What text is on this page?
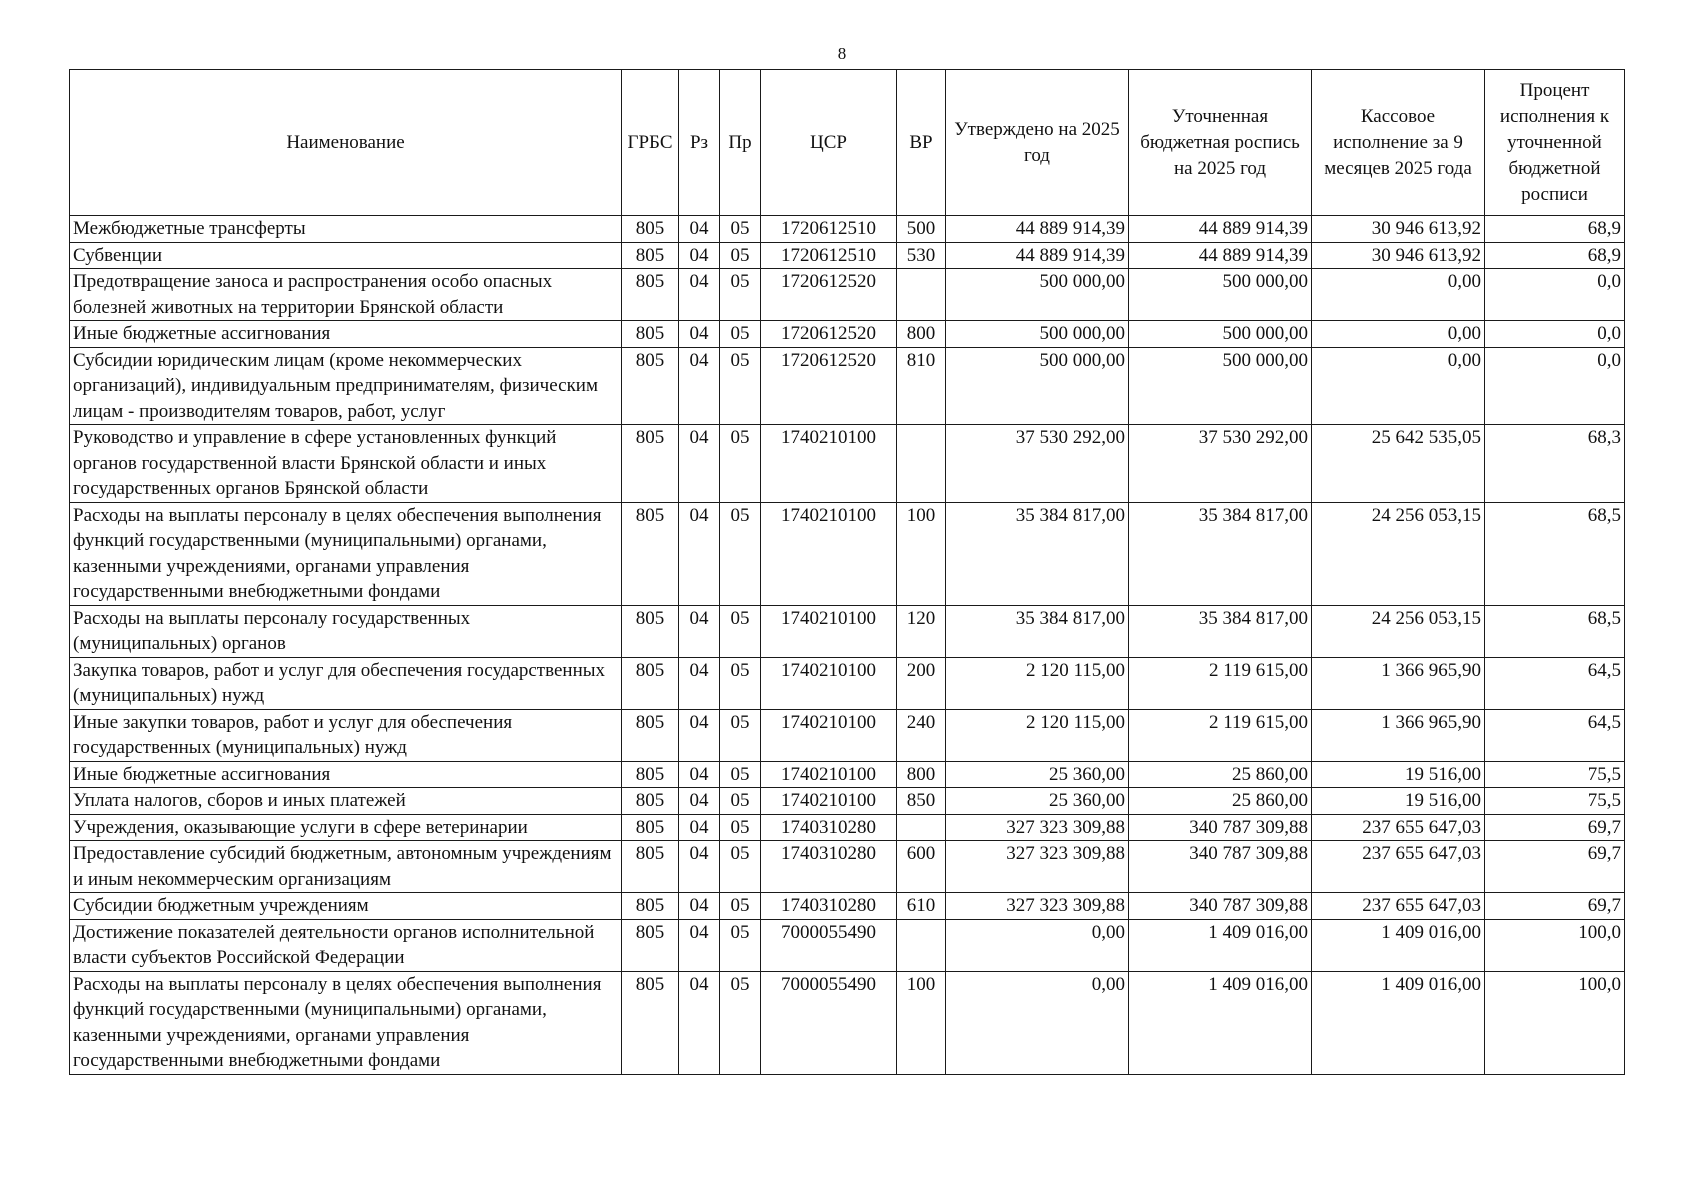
8
Наименование	ГРБС	Рз	Пр	ЦСР	ВР	Утверждено на 2025 год	Уточненная бюджетная роспись на 2025 год	Кассовое исполнение за 9 месяцев 2025 года	Процент исполнения к уточненной бюджетной росписи
Межбюджетные трансферты	805	04	05	1720612510	500	44 889 914,39	44 889 914,39	30 946 613,92	68,9
Субвенции	805	04	05	1720612510	530	44 889 914,39	44 889 914,39	30 946 613,92	68,9
Предотвращение заноса и распространения особо опасных болезней животных на территории Брянской области	805	04	05	1720612520		500 000,00	500 000,00	0,00	0,0
Иные бюджетные ассигнования	805	04	05	1720612520	800	500 000,00	500 000,00	0,00	0,0
Субсидии юридическим лицам (кроме некоммерческих организаций), индивидуальным предпринимателям, физическим лицам - производителям товаров, работ, услуг	805	04	05	1720612520	810	500 000,00	500 000,00	0,00	0,0
Руководство и управление в сфере установленных функций органов государственной власти Брянской области и иных государственных органов Брянской области	805	04	05	1740210100		37 530 292,00	37 530 292,00	25 642 535,05	68,3
Расходы на выплаты персоналу в целях обеспечения выполнения функций государственными (муниципальными) органами, казенными учреждениями, органами управления государственными внебюджетными фондами	805	04	05	1740210100	100	35 384 817,00	35 384 817,00	24 256 053,15	68,5
Расходы на выплаты персоналу государственных (муниципальных) органов	805	04	05	1740210100	120	35 384 817,00	35 384 817,00	24 256 053,15	68,5
Закупка товаров, работ и услуг для обеспечения государственных (муниципальных) нужд	805	04	05	1740210100	200	2 120 115,00	2 119 615,00	1 366 965,90	64,5
Иные закупки товаров, работ и услуг для обеспечения государственных (муниципальных) нужд	805	04	05	1740210100	240	2 120 115,00	2 119 615,00	1 366 965,90	64,5
Иные бюджетные ассигнования	805	04	05	1740210100	800	25 360,00	25 860,00	19 516,00	75,5
Уплата налогов, сборов и иных платежей	805	04	05	1740210100	850	25 360,00	25 860,00	19 516,00	75,5
Учреждения, оказывающие услуги в сфере ветеринарии	805	04	05	1740310280		327 323 309,88	340 787 309,88	237 655 647,03	69,7
Предоставление субсидий бюджетным, автономным учреждениям и иным некоммерческим организациям	805	04	05	1740310280	600	327 323 309,88	340 787 309,88	237 655 647,03	69,7
Субсидии бюджетным учреждениям	805	04	05	1740310280	610	327 323 309,88	340 787 309,88	237 655 647,03	69,7
Достижение показателей деятельности органов исполнительной власти субъектов Российской Федерации	805	04	05	7000055490		0,00	1 409 016,00	1 409 016,00	100,0
Расходы на выплаты персоналу в целях обеспечения выполнения функций государственными (муниципальными) органами, казенными учреждениями, органами управления государственными внебюджетными фондами	805	04	05	7000055490	100	0,00	1 409 016,00	1 409 016,00	100,0
